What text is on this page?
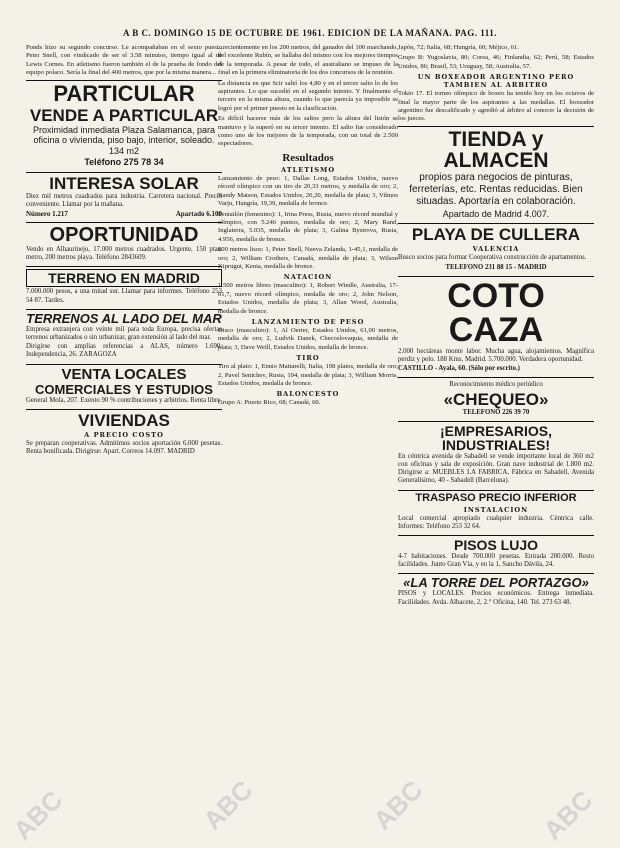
A B C. DOMINGO 15 DE OCTUBRE DE 1961. EDICION DE LA MAÑANA. PAG. 111.

Ponds hizo su segundo concurso. Le acompañaban en el sexto puesto Peter Snell, con vindicado de ser el 3.58 minutos, tiempo igual al de Lewis Cornes. En atletismo fueron también el de la prueba de fondo del equipo polaco. Sería la final del 400 metros, que por la misma manera...

PARTICULAR

VENDE A PARTICULAR

Proximidad inmediata Plaza Salamanca, para oficina o vivienda, piso bajo, interior, soleado. 134 m2

Teléfono 275 78 34

INTERESA SOLAR

Diez mil metros cuadrados para industria. Carretera nacional. Precio conveniente. Llamar por la mañana.

Número 1.217	Apartado 6.100

OPORTUNIDAD

Vendo en Alhaurinejo, 17.000 metros cuadrados. Urgente, 150 ptas. metro, 200 metros playa. Teléfono 2843609.

TERRENO EN MADRID

7.000.000 pesos, a una mitad sur. Llamar para informes. Teléfono 253 54 87. Tardes.

TERRENOS AL LADO DEL MAR

Empresa extranjera con veinte mil para toda Europa, precisa ofertas terrenos urbanizados o sin urbanizar, gran extensión al lado del mar.

Dirigirse con amplias referencias a ALAS, número 1.690. Independencia, 26. ZARAGOZA

VENTA LOCALES

COMERCIALES Y ESTUDIOS

General Mola, 207. Exento 90 % contribuciones y arbitrios. Renta libre.

VIVIENDAS

A PRECIO COSTO

Se preparan cooperativas. Admitimos socios aportación 6.000 pesetas. Renta bonificada. Dirigirse: Apart. Correos 14.097. MADRID

...recientemente en los 200 metros, del ganador del 100 marchando, del excelente Rubín, se hallaba del mismo con los mejores tiempos de la temporada. A pesar de todo, el australiano se impuso de la final en la primera eliminatoria de los dos concursos de la reunión.

La distancia en que Scir saltó los 4,80 y en el tercer salto lo de los aspirantes. Lo que sucedió en el segundo intento. Y finalmente el tercero en la misma altura, cuando lo que parecía ya imposible se logró por el primer puesto en la clasificación.

Es difícil hacerse más de los saltos pero la altura del listón se mantuvo y la superó en su tercer intento. El salto fue considerado como uno de los mejores de la temporada, con un total de 2.500 espectadores.

Resultados

ATLETISMO

Lanzamiento de peso: 1, Dallas Long, Estados Unidos, nuevo récord olímpico con un tiro de 20,33 metros, y medalla de oro; 2, Randy Matson, Estados Unidos, 20,20, medalla de plata; 3, Vilmos Varju, Hungría, 19,39, medalla de bronce.

Pentatlón (femenino): 1, Irina Press, Rusia, nuevo récord mundial y olímpico, con 5.246 puntos, medalla de oro; 2, Mary Rand, Inglaterra, 5.035, medalla de plata; 3, Galina Bystrova, Rusia, 4.956, medalla de bronce.

800 metros lisos: 1, Peter Snell, Nueva Zelanda, 1-45,1, medalla de oro; 2, William Crothers, Canadá, medalla de plata; 3, Wilson Kiprugut, Kenia, medalla de bronce.

NATACION

1.500 metros libres (masculino): 1, Robert Windle, Australia, 17-01,7, nuevo récord olímpico, medalla de oro; 2, John Nelson, Estados Unidos, medalla de plata; 3, Allan Wood, Australia, medalla de bronce.

LANZAMIENTO DE PESO

Disco (masculino): 1, Al Oerter, Estados Unidos, 61,00 metros, medalla de oro; 2, Ludvik Danek, Checoslovaquia, medalla de plata; 3, Dave Weill, Estados Unidos, medalla de bronce.

TIRO

Tiro al plato: 1, Ennio Mattarelli, Italia, 198 platos, medalla de oro; 2, Pavel Senichev, Rusia, 194, medalla de plata; 3, William Morris, Estados Unidos, medalla de bronce.

BALONCESTO

Grupo A: Puerto Rico, 68; Canadá, 60.

Japón, 72; Italia, 68; Hungría, 60; Méjico, 61.

Grupo B: Yugoslavia, 80; Corea, 46; Finlandia, 62; Perú, 58; Estados Unidos, 86; Brasil, 53; Uruguay, 58; Australia, 57.

UN BOXEADOR ARGENTINO PERO TAMBIEN AL ARBITRO

Tokio 17. El torneo olímpico de boxeo ha tenido hoy en los octavos de final la mayor parte de los aspirantes a las medallas. El boxeador argentino fue descalificado y agredió al árbitro al conocer la decisión de los jueces.

TIENDA y ALMACEN

propios para negocios de pinturas, ferreterías, etc. Rentas reducidas. Bien situadas. Aportaría en colaboración.

Apartado de Madrid 4.007.

PLAYA DE CULLERA

VALENCIA

Busco socios para formar Cooperativa construcción de apartamentos.

TELEFONO 231 88 15 - MADRID

COTO CAZA

2.000 hectáreas monte labor. Mucha agua, alojamientos. Magnífica perdiz y pelo. 188 Kms. Madrid. 5.700.000. Verdadera oportunidad.

CASTILLO - Ayala, 60. (Sólo por escrito.)

Reconocimiento médico periódico

«CHEQUEO»

TELEFONO 226 39 70

¡EMPRESARIOS, INDUSTRIALES!

En céntrica avenida de Sabadell se vende importante local de 360 m2 con oficinas y sala de exposición. Gran nave industrial de 1.800 m2. Dirigirse a: MUEBLES LA FABRICA, Fábrica en Sabadell, Avenida Generalísimo, 40 - Sabadell (Barcelona).

TRASPASO PRECIO INFERIOR

INSTALACION

Local comercial apropiado cualquier industria. Céntrica calle. Informes: Teléfono 253 32 64.

PISOS LUJO

4-7 habitaciones. Desde 700.000 pesetas. Entrada 200.000. Resto facilidades. Junto Gran Vía, y en la 1, Sancho Dávila, 24.

«LA TORRE DEL PORTAZGO»

PISOS y LOCALES. Precios económicos. Entrega inmediata. Facilidades. Avda. Albacete, 2, 2.° Oficina, 140. Tel. 273 63 48.

ABC	ABC	ABC	ABC
